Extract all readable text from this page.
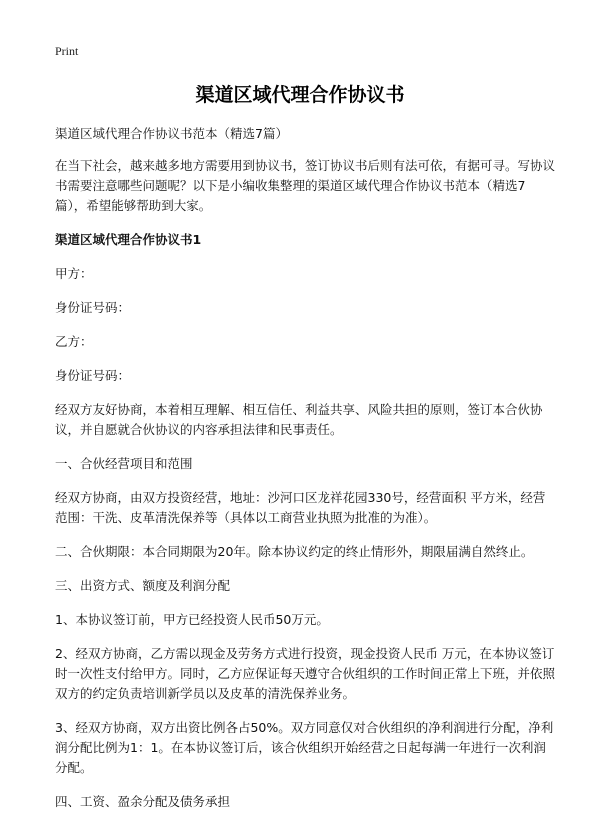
Print
渠道区域代理合作协议书

渠道区域代理合作协议书范本（精选7篇）

在当下社会，越来越多地方需要用到协议书，签订协议书后则有法可依，有据可寻。写协议书需要注意哪些问题呢？以下是小编收集整理的渠道区域代理合作协议书范本（精选7篇），希望能够帮助到大家。

渠道区域代理合作协议书1

甲方：

身份证号码：

乙方：

身份证号码：

经双方友好协商，本着相互理解、相互信任、利益共享、风险共担的原则，签订本合伙协议，并自愿就合伙协议的内容承担法律和民事责任。

一、合伙经营项目和范围

经双方协商，由双方投资经营，地址：沙河口区龙祥花园330号，经营面积 平方米，经营范围：干洗、皮革清洗保养等（具体以工商营业执照为批准的为准）。

二、合伙期限：本合同期限为20年。除本协议约定的终止情形外，期限届满自然终止。

三、出资方式、额度及利润分配

1、本协议签订前，甲方已经投资人民币50万元。

2、经双方协商，乙方需以现金及劳务方式进行投资，现金投资人民币 万元，在本协议签订时一次性支付给甲方。同时，乙方应保证每天遵守合伙组织的工作时间正常上下班，并依照双方的约定负责培训新学员以及皮革的清洗保养业务。

3、经双方协商，双方出资比例各占50%。双方同意仅对合伙组织的净利润进行分配，净利润分配比例为1：1。在本协议签订后，该合伙组织开始经营之日起每满一年进行一次利润分配。

四、工资、盈余分配及债务承担
